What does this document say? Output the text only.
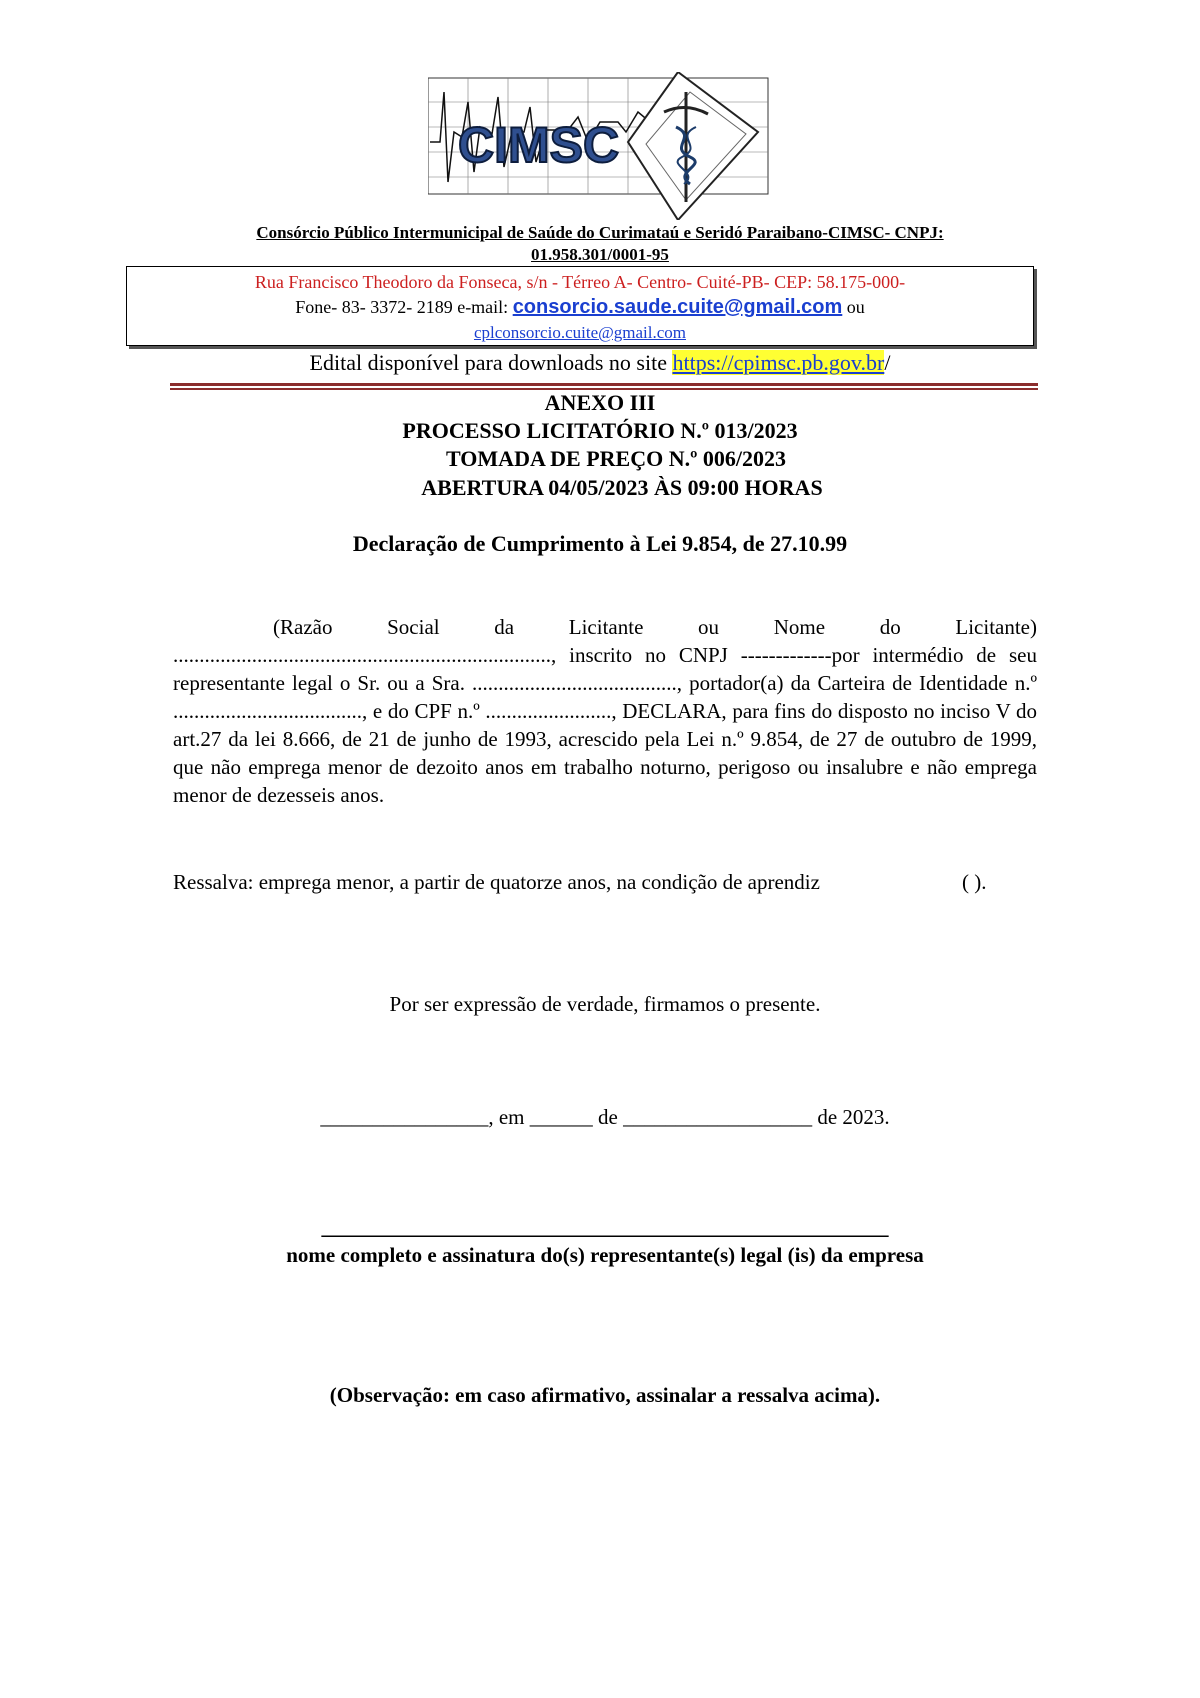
CIMSC
Consórcio Público Intermunicipal de Saúde do Curimataú e Seridó Paraibano-CIMSC- CNPJ:
01.958.301/0001-95
Rua Francisco Theodoro da Fonseca, s/n - Térreo A- Centro- Cuité-PB- CEP: 58.175-000-
Fone- 83- 3372- 2189 e-mail: consorcio.saude.cuite@gmail.com ou
cplconsorcio.cuite@gmail.com
Edital disponível para downloads no site https://cpimsc.pb.gov.br/
ANEXO III
PROCESSO LICITATÓRIO N.º 013/2023
TOMADA DE PREÇO N.º 006/2023
ABERTURA 04/05/2023 ÀS 09:00 HORAS
Declaração de Cumprimento à Lei 9.854, de 27.10.99
(Razão Social da Licitante ou Nome do Licitante) ........................................................................, inscrito no CNPJ -------------por intermédio de seu representante legal o Sr. ou a Sra. ......................................., portador(a) da Carteira de Identidade n.º ...................................., e do CPF n.º ........................, DECLARA, para fins do disposto no inciso V do art.27 da lei 8.666, de 21 de junho de 1993, acrescido pela Lei n.º 9.854, de 27 de outubro de 1999, que não emprega menor de dezoito anos em trabalho noturno, perigoso ou insalubre e não emprega menor de dezesseis anos.
Ressalva: emprega menor, a partir de quatorze anos, na condição de aprendiz	( ).
Por ser expressão de verdade, firmamos o presente.
________________, em ______ de __________________ de 2023.
______________________________________________________
nome completo e assinatura do(s) representante(s) legal (is) da empresa
(Observação: em caso afirmativo, assinalar a ressalva acima).
